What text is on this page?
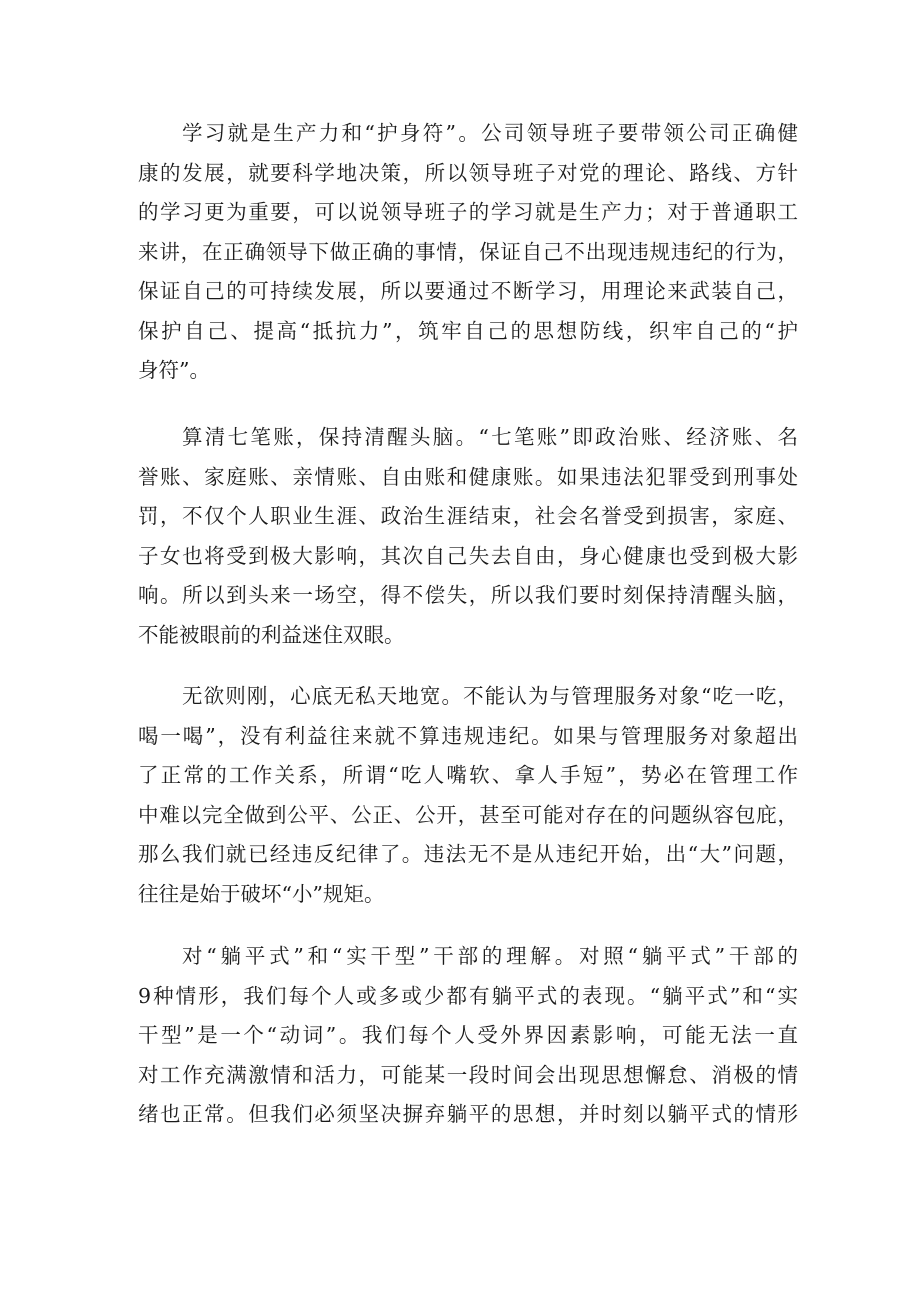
学习就是生产力和“护身符”。公司领导班子要带领公司正确健
康的发展，就要科学地决策，所以领导班子对党的理论、路线、方针
的学习更为重要，可以说领导班子的学习就是生产力；对于普通职工
来讲，在正确领导下做正确的事情，保证自己不出现违规违纪的行为，
保证自己的可持续发展，所以要通过不断学习，用理论来武装自己，
保护自己、提高“抵抗力”，筑牢自己的思想防线，织牢自己的“护
身符”。
算清七笔账，保持清醒头脑。“七笔账”即政治账、经济账、名
誉账、家庭账、亲情账、自由账和健康账。如果违法犯罪受到刑事处
罚，不仅个人职业生涯、政治生涯结束，社会名誉受到损害，家庭、
子女也将受到极大影响，其次自己失去自由，身心健康也受到极大影
响。所以到头来一场空，得不偿失，所以我们要时刻保持清醒头脑，
不能被眼前的利益迷住双眼。
无欲则刚，心底无私天地宽。不能认为与管理服务对象“吃一吃，
喝一喝”，没有利益往来就不算违规违纪。如果与管理服务对象超出
了正常的工作关系，所谓“吃人嘴软、拿人手短”，势必在管理工作
中难以完全做到公平、公正、公开，甚至可能对存在的问题纵容包庇，
那么我们就已经违反纪律了。违法无不是从违纪开始，出“大”问题，
往往是始于破坏“小”规矩。
对“躺平式”和“实干型”干部的理解。对照“躺平式”干部的
9种情形，我们每个人或多或少都有躺平式的表现。“躺平式”和“实
干型”是一个“动词”。我们每个人受外界因素影响，可能无法一直
对工作充满激情和活力，可能某一段时间会出现思想懈怠、消极的情
绪也正常。但我们必须坚决摒弃躺平的思想，并时刻以躺平式的情形
